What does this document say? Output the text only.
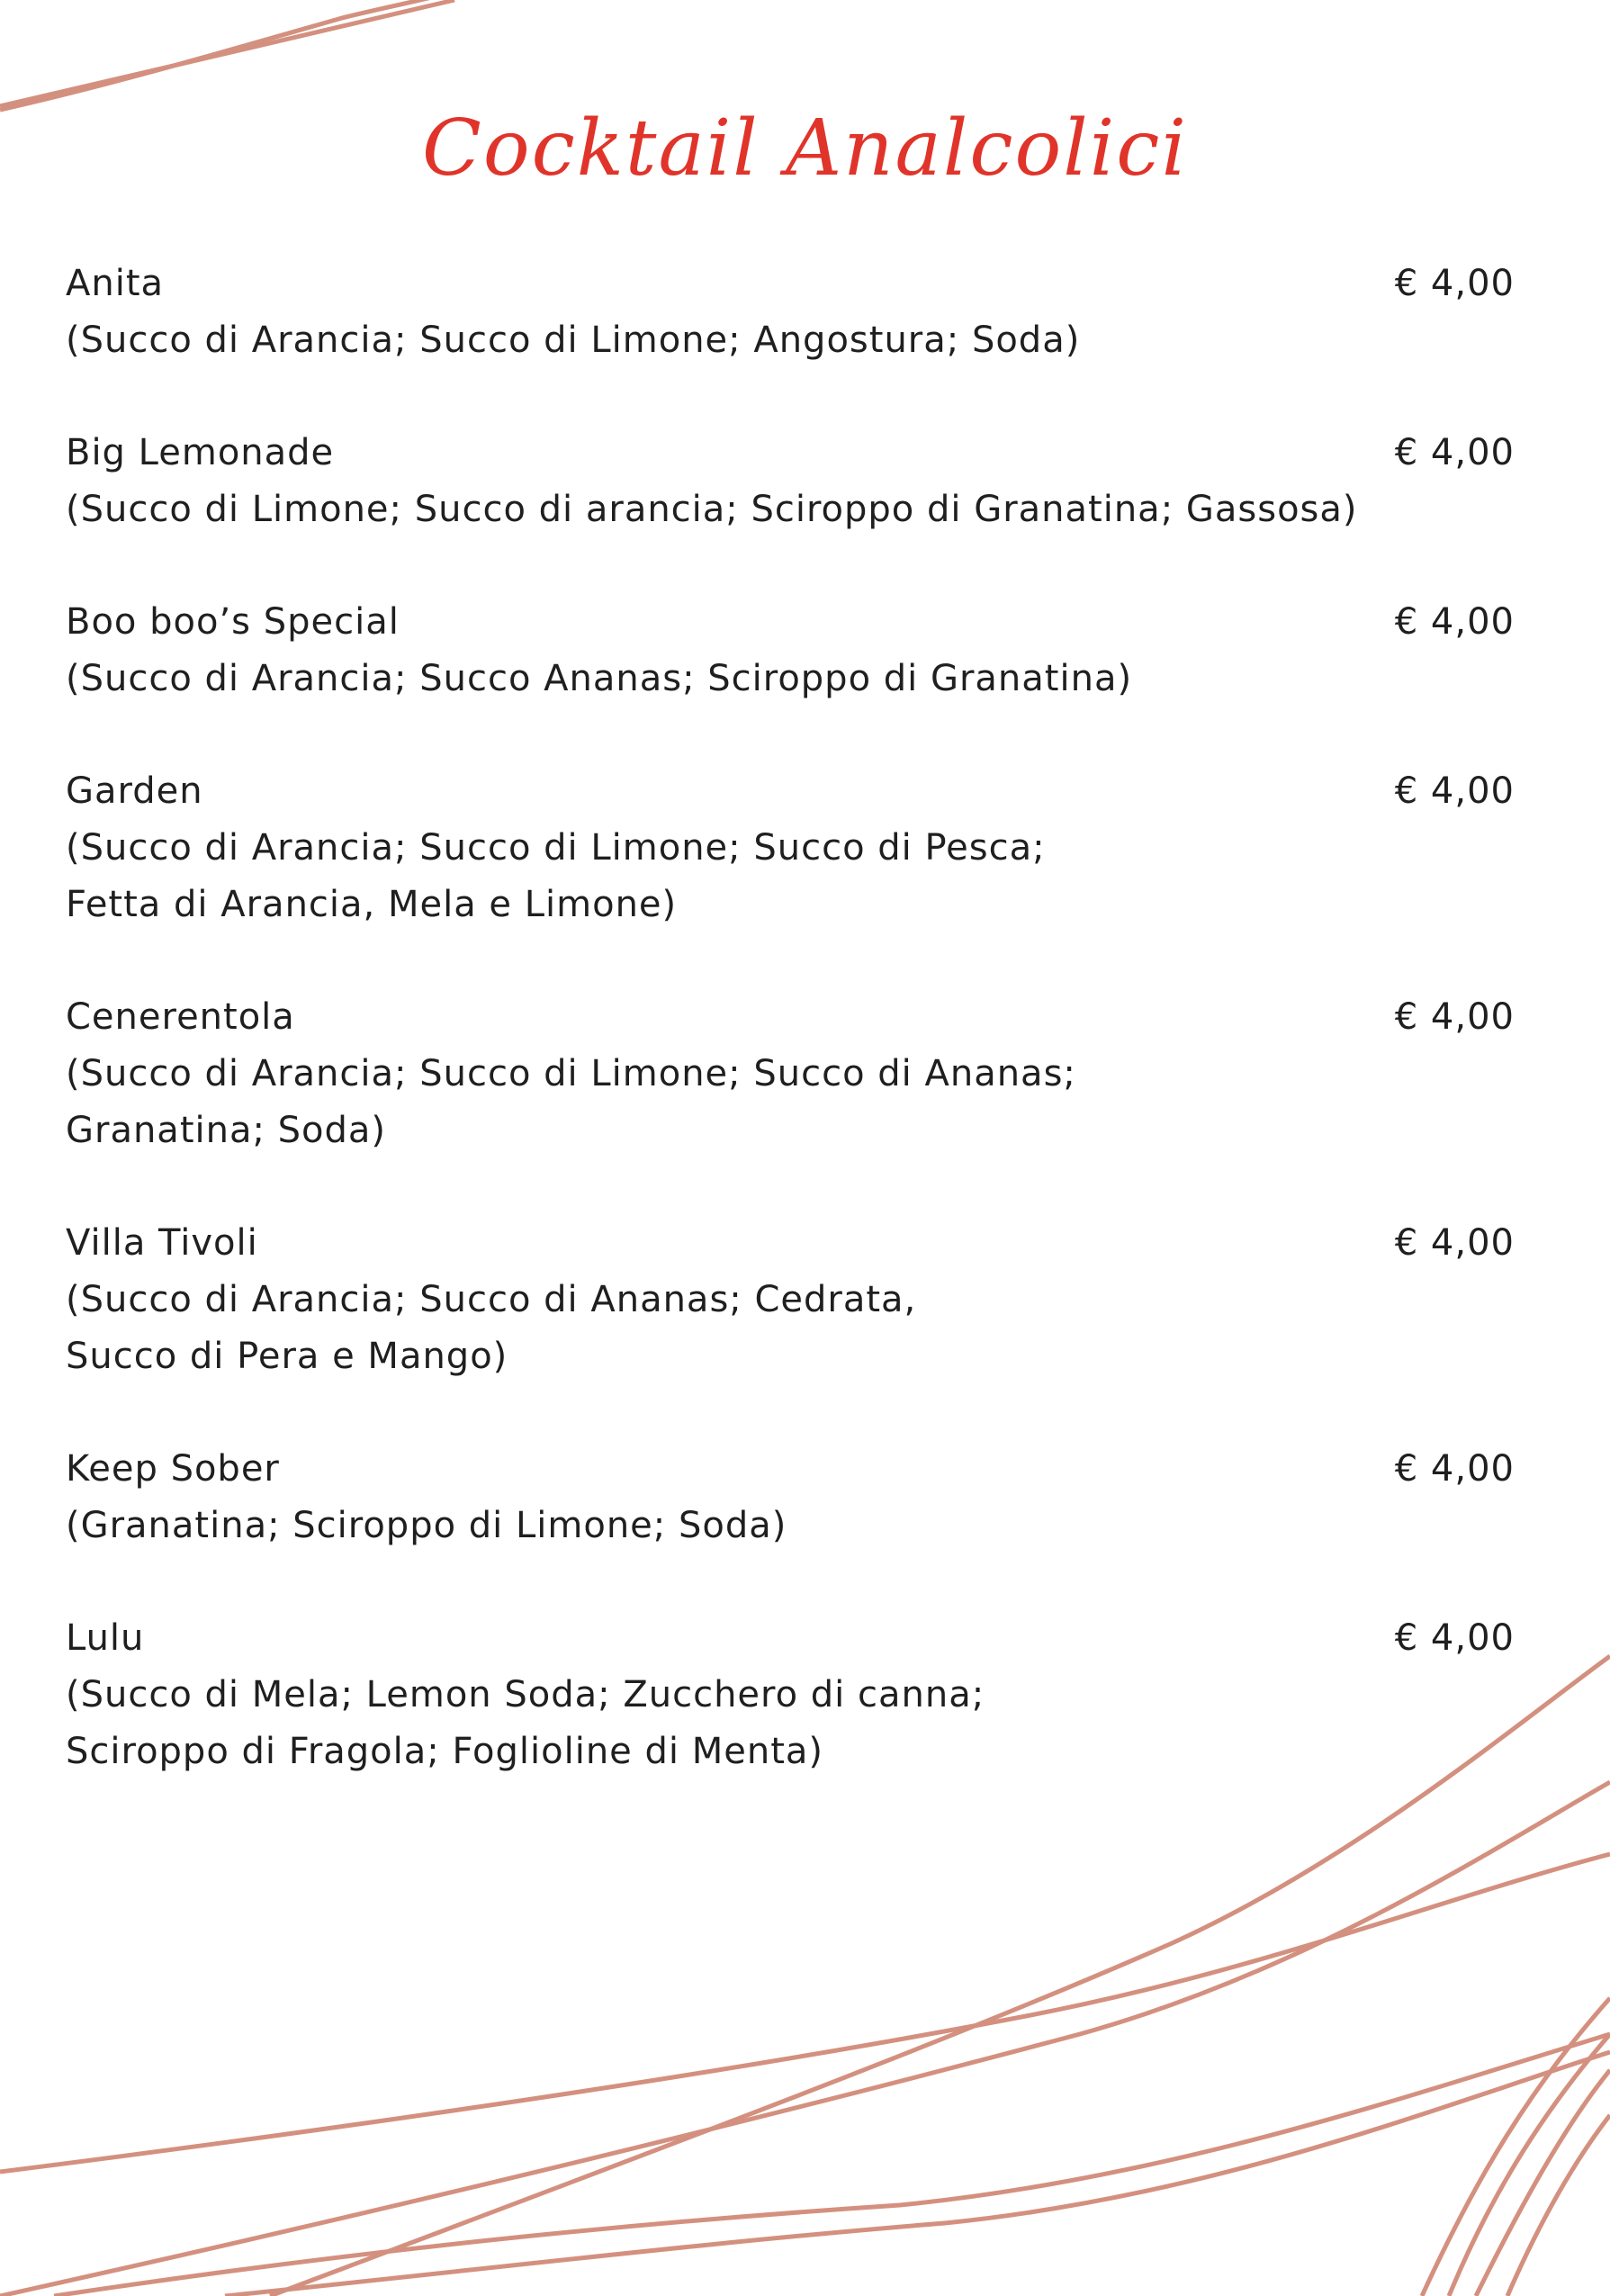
Cocktail Analcolici
Anita	€ 4,00
(Succo di Arancia; Succo di Limone; Angostura; Soda)
Big Lemonade	€ 4,00
(Succo di Limone; Succo di arancia; Sciroppo di Granatina; Gassosa)
Boo boo’s Special	€ 4,00
(Succo di Arancia; Succo Ananas; Sciroppo di Granatina)
Garden	€ 4,00
(Succo di Arancia; Succo di Limone; Succo di Pesca;
Fetta di Arancia, Mela e Limone)
Cenerentola	€ 4,00
(Succo di Arancia; Succo di Limone; Succo di Ananas;
Granatina; Soda)
Villa Tivoli	€ 4,00
(Succo di Arancia; Succo di Ananas; Cedrata,
Succo di Pera e Mango)
Keep Sober	€ 4,00
(Granatina; Sciroppo di Limone; Soda)
Lulu	€ 4,00
(Succo di Mela; Lemon Soda; Zucchero di canna;
Sciroppo di Fragola; Foglioline di Menta)
